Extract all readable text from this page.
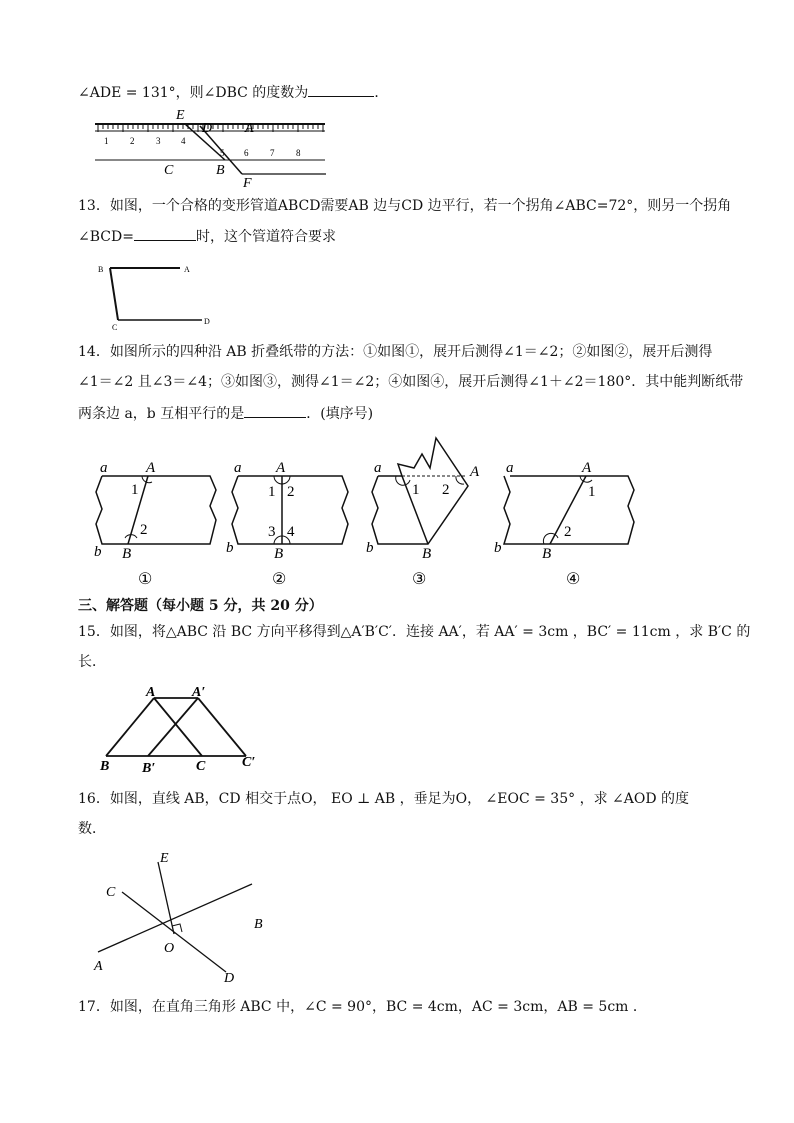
∠ADE = 131°，则∠DBC 的度数为	．
E
D A
C	B
F
1 2 3 4
5 6 7 8
13．如图，一个合格的变形管道ABCD需要AB 边与CD 边平行，若一个拐角∠ABC=72°，则另一个拐角
∠BCD=	时，这个管道符合要求
B	A
C
D
14．如图所示的四种沿 AB 折叠纸带的方法：①如图①，展开后测得∠1＝∠2；②如图②，展开后测得
∠1＝∠2 且∠3＝∠4；③如图③，测得∠1＝∠2；④如图④，展开后测得∠1＋∠2＝180°．其中能判断纸带
两条边 a，b 互相平行的是	．(填序号)
a	A
1
2
b B
①
a A
1 2
3 4
b	B
②
a	A
1 2
b	B
③
a	A
1
2
b	B
④
三、解答题（每小题 5 分，共 20 分）
15．如图，将△ABC 沿 BC 方向平移得到△A′B′C′．连接 AA′，若 AA′ = 3cm ，BC′ = 11cm ，求 B′C 的
长．
A	A′
B B′	C	C′
16．如图，直线 AB，CD 相交于点O， EO ⊥ AB ，垂足为O， ∠EOC = 35° ，求 ∠AOD 的度
数．
E
C
B
O
A
D
17．如图，在直角三角形 ABC 中，∠C = 90°，BC = 4cm，AC = 3cm，AB = 5cm ．
